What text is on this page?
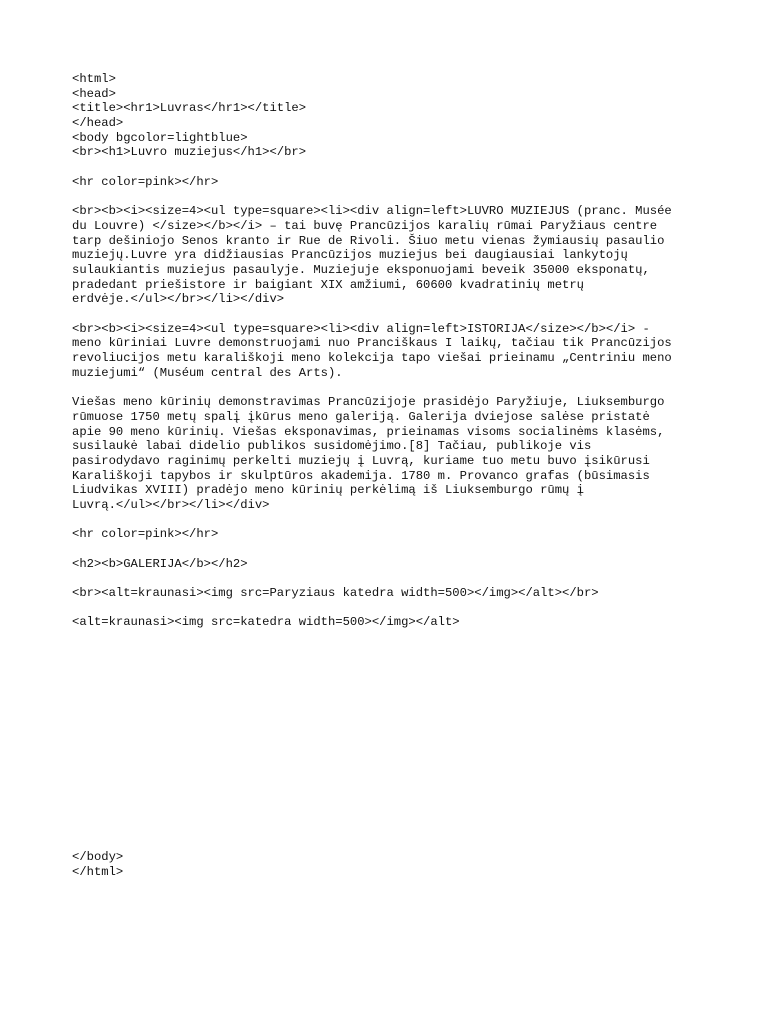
<html>
<head>
<title><hr1>Luvras</hr1></title>
</head>
<body bgcolor=lightblue>
<br><h1>Luvro muziejus</h1></br>
<hr color=pink></hr>
<br><b><i><size=4><ul type=square><li><div align=left>LUVRO MUZIEJUS (pranc. Musée
du Louvre) </size></b></i> – tai buvę Prancūzijos karalių rūmai Paryžiaus centre
tarp dešiniojo Senos kranto ir Rue de Rivoli. Šiuo metu vienas žymiausių pasaulio
muziejų.Luvre yra didžiausias Prancūzijos muziejus bei daugiausiai lankytojų
sulaukiantis muziejus pasaulyje. Muziejuje eksponuojami beveik 35000 eksponatų,
pradedant priešistore ir baigiant XIX amžiumi, 60600 kvadratinių metrų
erdvėje.</ul></br></li></div>
<br><b><i><size=4><ul type=square><li><div align=left>ISTORIJA</size></b></i> -
meno kūriniai Luvre demonstruojami nuo Pranciškaus I laikų, tačiau tik Prancūzijos
revoliucijos metu karališkoji meno kolekcija tapo viešai prieinamu „Centriniu meno
muziejumi“ (Muséum central des Arts).
Viešas meno kūrinių demonstravimas Prancūzijoje prasidėjo Paryžiuje, Liuksemburgo
rūmuose 1750 metų spalį įkūrus meno galeriją. Galerija dviejose salėse pristatė
apie 90 meno kūrinių. Viešas eksponavimas, prieinamas visoms socialinėms klasėms,
susilaukė labai didelio publikos susidomėjimo.[8] Tačiau, publikoje vis
pasirodydavo raginimų perkelti muziejų į Luvrą, kuriame tuo metu buvo įsikūrusi
Karališkoji tapybos ir skulptūros akademija. 1780 m. Provanco grafas (būsimasis
Liudvikas XVIII) pradėjo meno kūrinių perkėlimą iš Liuksemburgo rūmų į
Luvrą.</ul></br></li></div>
<hr color=pink></hr>
<h2><b>GALERIJA</b></h2>
<br><alt=kraunasi><img src=Paryziaus katedra width=500></img></alt></br>
<alt=kraunasi><img src=katedra width=500></img></alt>
</body>
</html>
